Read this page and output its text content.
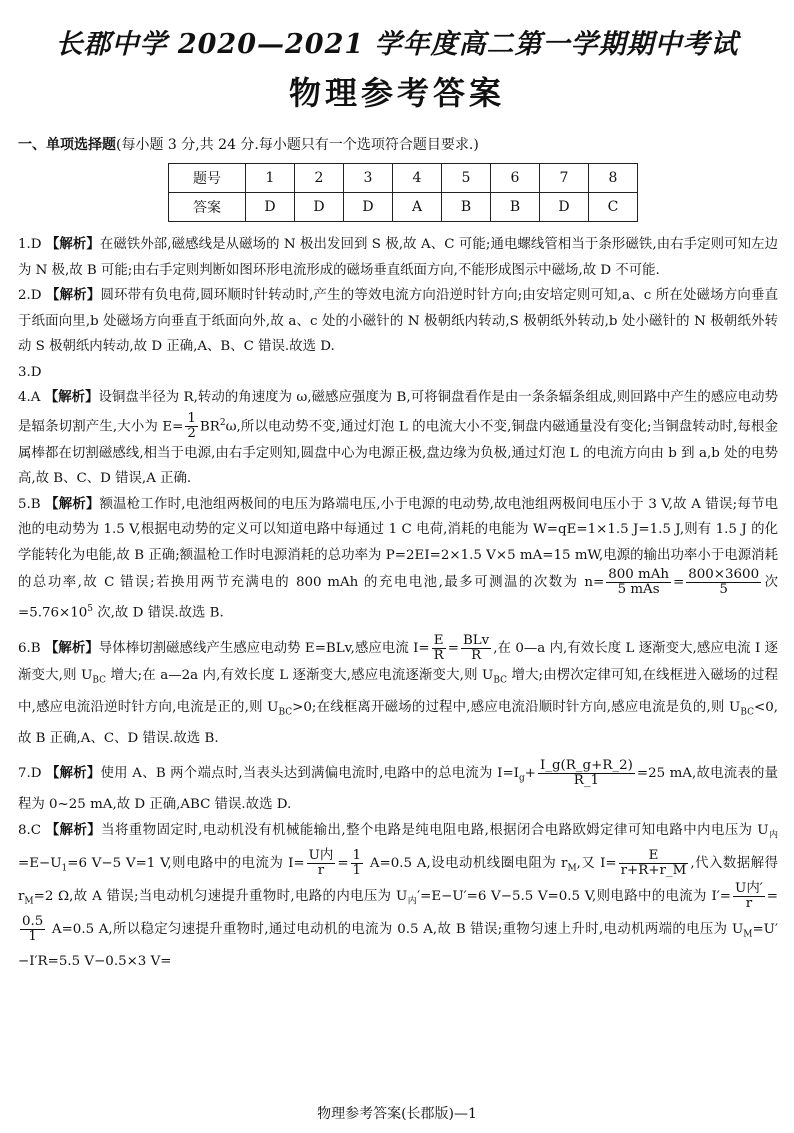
长郡中学 2020—2021 学年度高二第一学期期中考试
物理参考答案
一、单项选择题(每小题 3 分,共 24 分.每小题只有一个选项符合题目要求.)
题号	1	2	3	4	5	6	7	8
答案	D	D	D	A	B	B	D	C

1.D 【解析】在磁铁外部,磁感线是从磁场的 N 极出发回到 S 极,故 A、C 可能;通电螺线管相当于条形磁铁,由右手定则可知左边为 N 极,故 B 可能;由右手定则判断如图环形电流形成的磁场垂直纸面方向,不能形成图示中磁场,故 D 不可能.

2.D 【解析】圆环带有负电荷,圆环顺时针转动时,产生的等效电流方向沿逆时针方向;由安培定则可知,a、c 所在处磁场方向垂直于纸面向里,b 处磁场方向垂直于纸面向外,故 a、c 处的小磁针的 N 极朝纸内转动,S 极朝纸外转动,b 处小磁针的 N 极朝纸外转动 S 极朝纸内转动,故 D 正确,A、B、C 错误.故选 D.

3.D

4.A 【解析】设铜盘半径为 R,转动的角速度为 ω,磁感应强度为 B,可将铜盘看作是由一条条辐条组成,则回路中产生的感应电动势是辐条切割产生,大小为 $E= \frac{1}{2} BR^2\omega$,所以电动势不变,通过灯泡 L 的电流大小不变,铜盘内磁通量没有变化;当铜盘转动时,每根金属棒都在切割磁感线,相当于电源,由右手定则知,圆盘中心为电源正极,盘边缘为负极,通过灯泡 L 的电流方向由 b 到 a,b 处的电势高,故 B、C、D 错误,A 正确.

5.B 【解析】额温枪工作时,电池组两极间的电压为路端电压,小于电源的电动势,故电池组两极间电压小于 3 V,故 A 错误;每节电池的电动势为 1.5 V,根据电动势的定义可以知道电路中每通过 1 C 电荷,消耗的电能为 W=qE=1×1.5 J=1.5 J,则有 1.5 J 的化学能转化为电能,故 B 正确;额温枪工作时电源消耗的总功率为 P=2EI=2×1.5 V×5 mA=15 mW,电源的输出功率小于电源消耗的总功率,故 C 错误;若换用两节充满电的 800 mAh 的充电电池,最多可测温的次数为 $n= \frac{\text{800 mAh}}{\text{5 mAs}} = \frac{800\times 3600}{5}$ 次$=5.76\times 10^5$ 次,故 D 错误.故选 B.

6.B 【解析】导体棒切割磁感线产生感应电动势 E=BLv,感应电流 $I= \frac{E}{R} = \frac{\text{BLv}}{R}$ ,在 0—a 内,有效长度 L 逐渐变大,感应电流 I 逐渐变大,则 $U_{BC}$ 增大;在 a—2a 内,有效长度 L 逐渐变大,感应电流逐渐变大,则 $U_{BC}$ 增大;由楞次定律可知,在线框进入磁场的过程中,感应电流沿逆时针方向,电流是正的,则 $U_{BC}>0$;在线框离开磁场的过程中,感应电流沿顺时针方向,感应电流是负的,则 $U_{BC}<0$,故 B 正确,A、C、D 错误.故选 B.

7.D 【解析】使用 A、B 两个端点时,当表头达到满偏电流时,电路中的总电流为 $I=I_g+ \frac{I\_g(R\_g+R\_2)}{R\_1} =25$ mA,故电流表的量程为 0~25 mA,故 D 正确,ABC 错误.故选 D.

8.C 【解析】当将重物固定时,电动机没有机械能输出,整个电路是纯电阻电路,根据闭合电路欧姆定律可知电路中内电压为 $U_内=E-U_1=6$ V−5 V=1 V,则电路中的电流为 $I= \frac{\text{U内}}{r} = \frac{1}{1} A=0.5$ A,设电动机线圈电阻为 $r_M$,又 $I= \frac{E}{r+R+r\_M}$ ,代入数据解得 $r_M=2$ Ω,故 A 错误;当电动机匀速提升重物时,电路的内电压为 $U_内'=E-U'=6$ V−5.5 V=0.5 V,则电路中的电流为 $I'= \frac{\text{U内′}}{r}$ =
$\frac{0.5}{1} A=0.5$ A,所以稳定匀速提升重物时,通过电动机的电流为 0.5 A,故 B 错误;重物匀速上升时,电动机两端的电压为 $U_M=U'-I'R=5.5$ V−0.5×3 V=

物理参考答案(长郡版)—1
